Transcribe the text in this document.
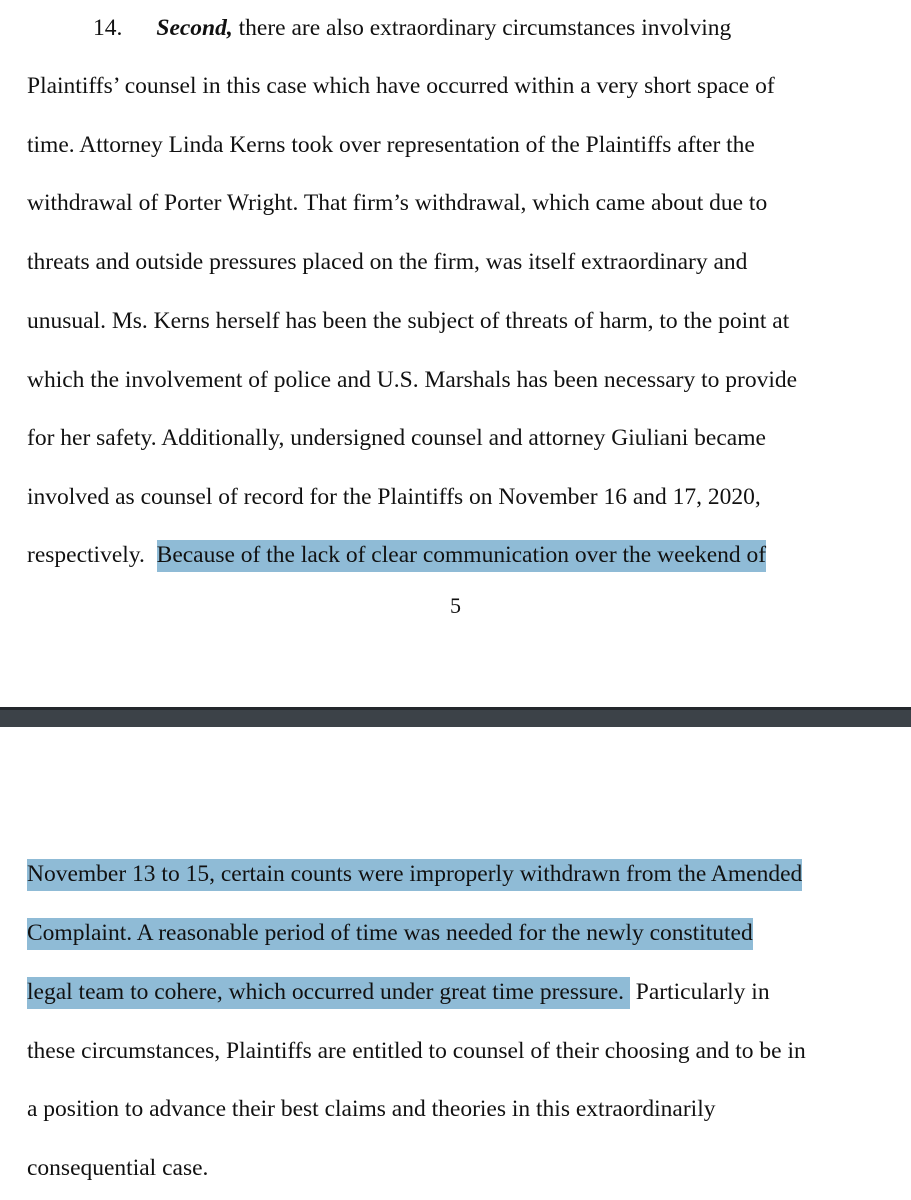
14. Second, there are also extraordinary circumstances involving
Plaintiffs’ counsel in this case which have occurred within a very short space of
time. Attorney Linda Kerns took over representation of the Plaintiffs after the
withdrawal of Porter Wright. That firm’s withdrawal, which came about due to
threats and outside pressures placed on the firm, was itself extraordinary and
unusual. Ms. Kerns herself has been the subject of threats of harm, to the point at
which the involvement of police and U.S. Marshals has been necessary to provide
for her safety. Additionally, undersigned counsel and attorney Giuliani became
involved as counsel of record for the Plaintiffs on November 16 and 17, 2020,
respectively.  Because of the lack of clear communication over the weekend of
5
November 13 to 15, certain counts were improperly withdrawn from the Amended
Complaint. A reasonable period of time was needed for the newly constituted
legal team to cohere, which occurred under great time pressure.  Particularly in
these circumstances, Plaintiffs are entitled to counsel of their choosing and to be in
a position to advance their best claims and theories in this extraordinarily
consequential case.
